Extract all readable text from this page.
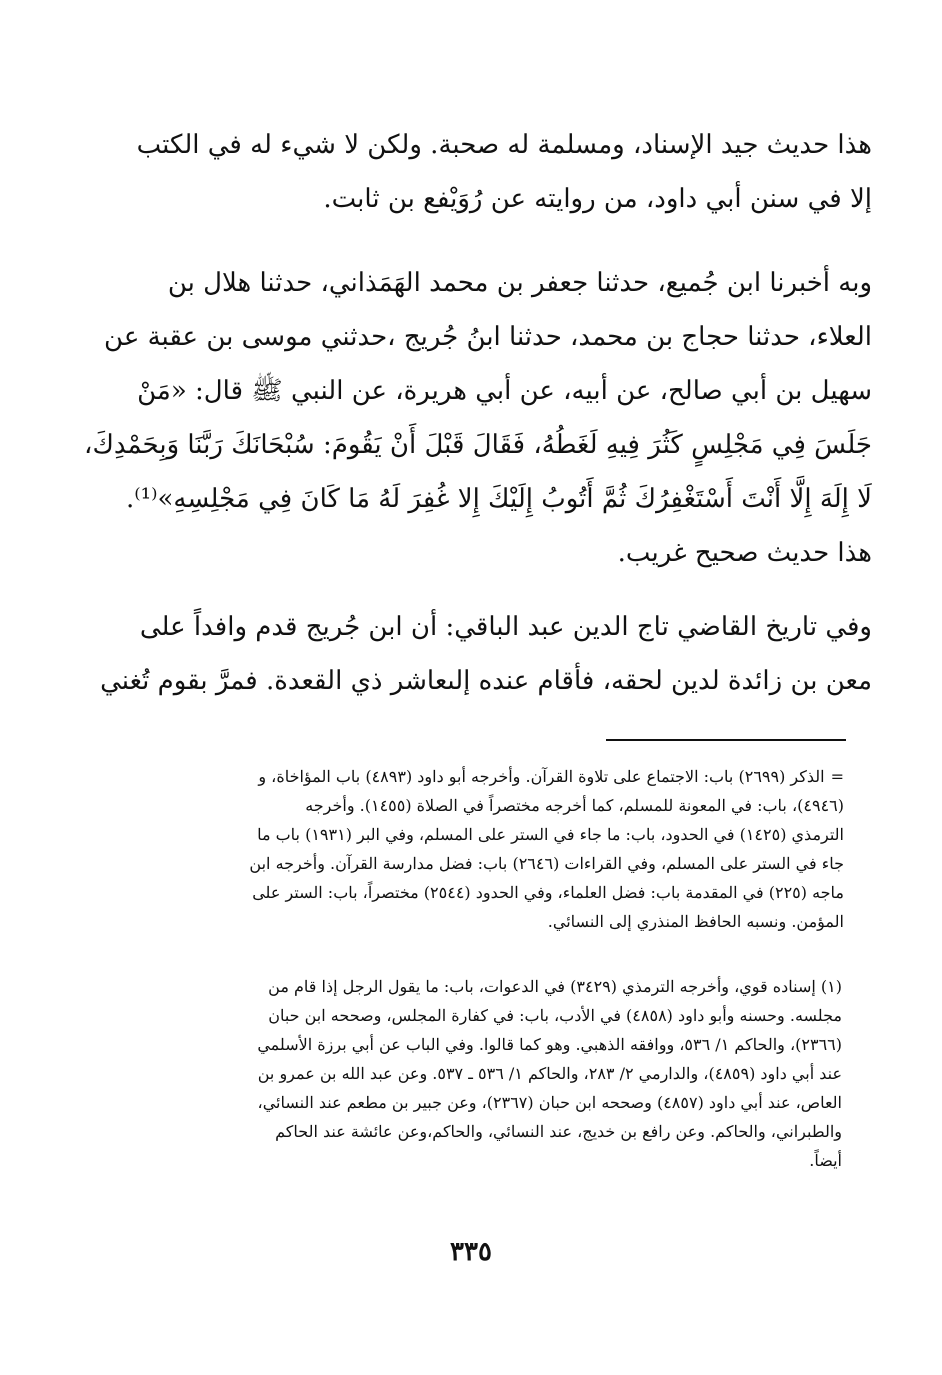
هذا حديث جيد الإسناد، ومسلمة له صحبة. ولكن لا شيء له في الكتب
إلا في سنن أبي داود، من روايته عن رُوَيْفع بن ثابت.
وبه أخبرنا ابن جُميع، حدثنا جعفر بن محمد الهَمَذاني، حدثنا هلال بن
العلاء، حدثنا حجاج بن محمد، حدثنا ابنُ جُريج ،حدثني موسى بن عقبة عن
سهيل بن أبي صالح، عن أبيه، عن أبي هريرة، عن النبي ﷺ قال: «مَنْ
جَلَسَ فِي مَجْلِسٍ كَثُرَ فِيهِ لَغَطُهُ، فَقَالَ قَبْلَ أَنْ يَقُومَ: سُبْحَانَكَ رَبَّنَا وَبِحَمْدِكَ،
لَا إِلَهَ إِلَّا أَنْتَ أَسْتَغْفِرُكَ ثُمَّ أَتُوبُ إِلَيْكَ إِلا غُفِرَ لَهُ مَا كَانَ فِي مَجْلِسِهِ»⁽¹⁾.
هذا حديث صحيح غريب.
وفي تاريخ القاضي تاج الدين عبد الباقي: أن ابن جُريج قدم وافداً على
معن بن زائدة لدين لحقه، فأقام عنده إلىعاشر ذي القعدة. فمرَّ بقوم تُغني
=الذكر (٢٦٩٩) باب: الاجتماع على تلاوة القرآن. وأخرجه أبو داود (٤٨٩٣) باب المؤاخاة، و
(٤٩٤٦)، باب: في المعونة للمسلم، كما أخرجه مختصراً في الصلاة (١٤٥٥). وأخرجه
الترمذي (١٤٢٥) في الحدود، باب: ما جاء في الستر على المسلم، وفي البر (١٩٣١) باب ما
جاء في الستر على المسلم، وفي القراءات (٢٦٤٦) باب: فضل مدارسة القرآن. وأخرجه ابن
ماجه (٢٢٥) في المقدمة باب: فضل العلماء، وفي الحدود (٢٥٤٤) مختصراً، باب: الستر على
المؤمن. ونسبه الحافظ المنذري إلى النسائي.
(١) إسناده قوي، وأخرجه الترمذي (٣٤٢٩) في الدعوات، باب: ما يقول الرجل إذا قام من
مجلسه. وحسنه وأبو داود (٤٨٥٨) في الأدب، باب: في كفارة المجلس، وصححه ابن حبان
(٢٣٦٦)، والحاكم ١/ ٥٣٦، ووافقه الذهبي. وهو كما قالوا. وفي الباب عن أبي برزة الأسلمي
عند أبي داود (٤٨٥٩)، والدارمي ٢/ ٢٨٣، والحاكم ١/ ٥٣٦ ـ ٥٣٧. وعن عبد الله بن عمرو بن
العاص، عند أبي داود (٤٨٥٧) وصححه ابن حبان (٢٣٦٧)، وعن جبير بن مطعم عند النسائي،
والطبراني، والحاكم. وعن رافع بن خديج، عند النسائي، والحاكم،وعن عائشة عند الحاكم
أيضاً.
٣٣٥
